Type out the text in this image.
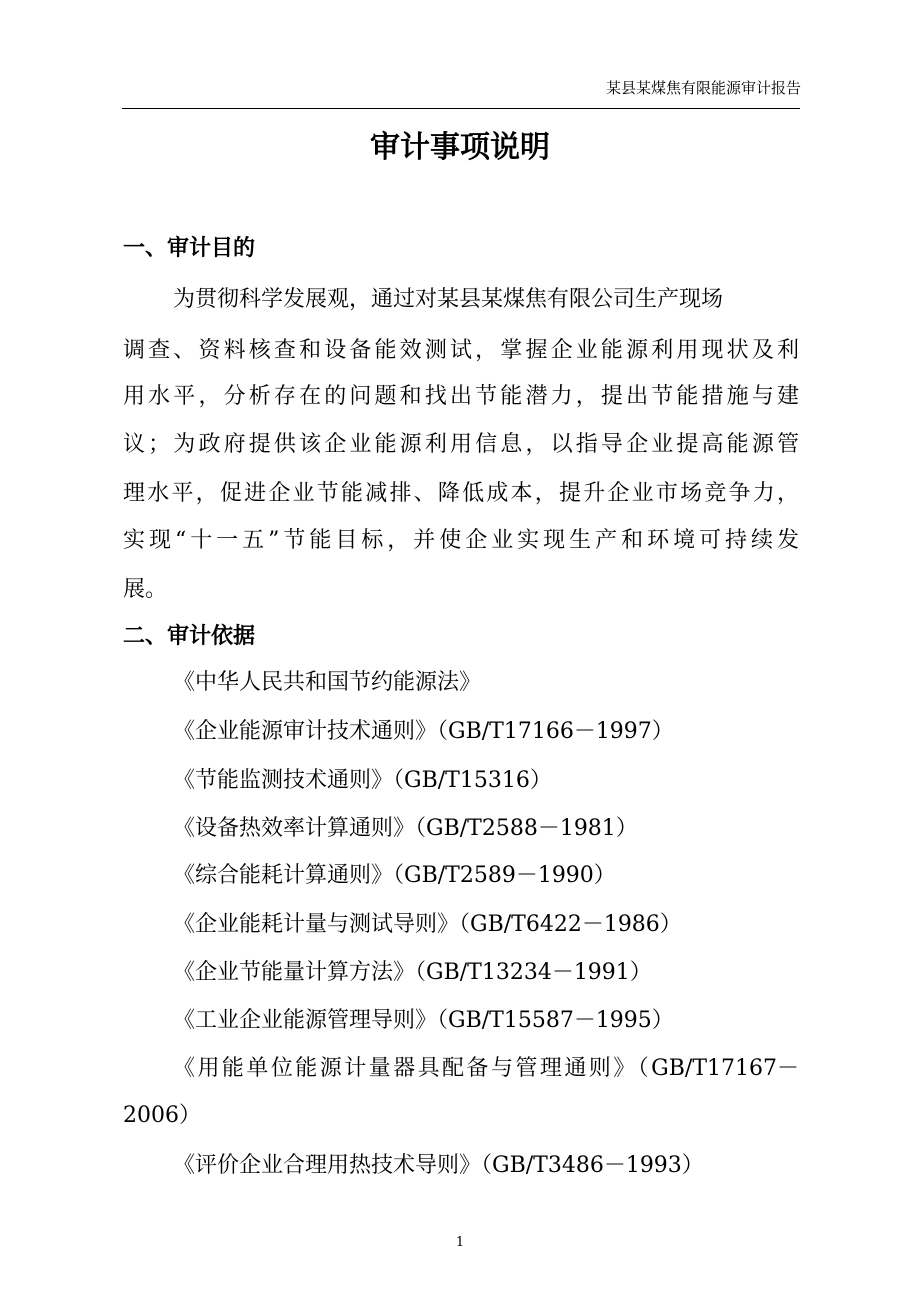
某县某煤焦有限能源审计报告
审计事项说明
一、审计目的
为贯彻科学发展观，通过对某县某煤焦有限公司生产现场
调查、资料核查和设备能效测试，掌握企业能源利用现状及利
用水平，分析存在的问题和找出节能潜力，提出节能措施与建
议；为政府提供该企业能源利用信息，以指导企业提高能源管
理水平，促进企业节能减排、降低成本，提升企业市场竞争力，
实现“十一五”节能目标，并使企业实现生产和环境可持续发
展。
二、审计依据
《中华人民共和国节约能源法》
《企业能源审计技术通则》（GB/T17166－1997）
《节能监测技术通则》（GB/T15316）
《设备热效率计算通则》（GB/T2588－1981）
《综合能耗计算通则》（GB/T2589－1990）
《企业能耗计量与测试导则》（GB/T6422－1986）
《企业节能量计算方法》（GB/T13234－1991）
《工业企业能源管理导则》（GB/T15587－1995）
《用能单位能源计量器具配备与管理通则》（GB/T17167－
2006）
《评价企业合理用热技术导则》（GB/T3486－1993）
1
